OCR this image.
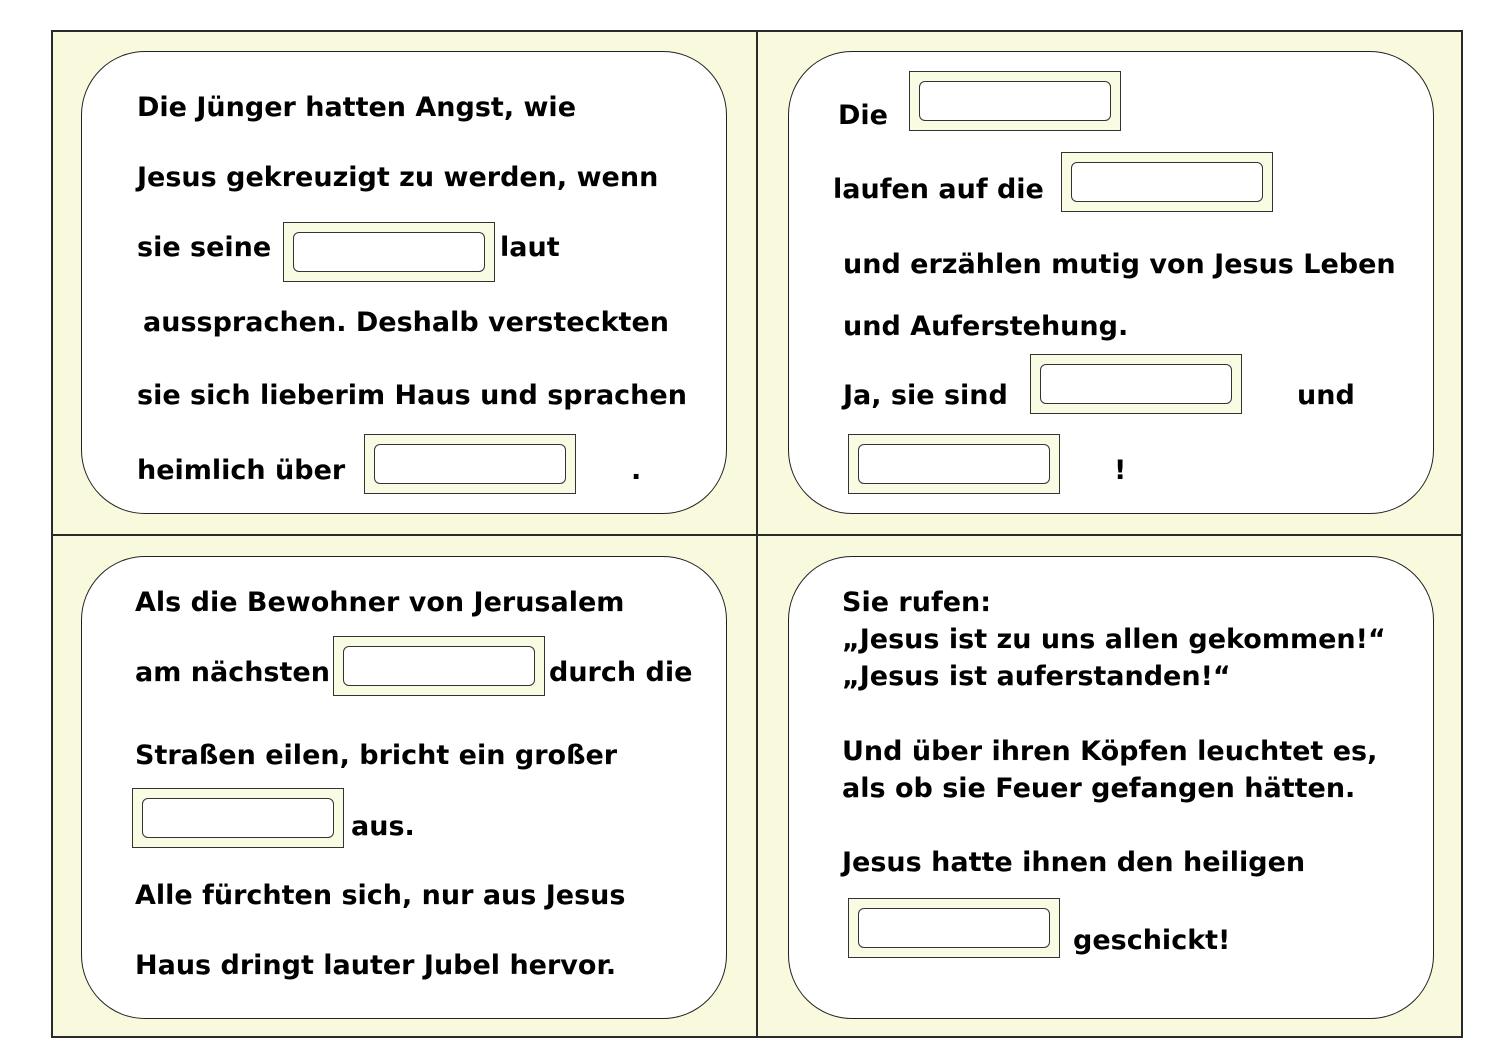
Die Jünger hatten Angst, wie
Jesus gekreuzigt zu werden, wenn
sie seine	laut
aussprachen. Deshalb versteckten
sie sich lieberim Haus und sprachen
heimlich über	.
Die
laufen auf die
und erzählen mutig von Jesus Leben
und Auferstehung.
Ja, sie sind	und
!
Als die Bewohner von Jerusalem
am nächsten	durch die
Straßen eilen, bricht ein großer
aus.
Alle fürchten sich, nur aus Jesus
Haus dringt lauter Jubel hervor.
Sie rufen:
„Jesus ist zu uns allen gekommen!“
„Jesus ist auferstanden!“
Und über ihren Köpfen leuchtet es,
als ob sie Feuer gefangen hätten.
Jesus hatte ihnen den heiligen
geschickt!
